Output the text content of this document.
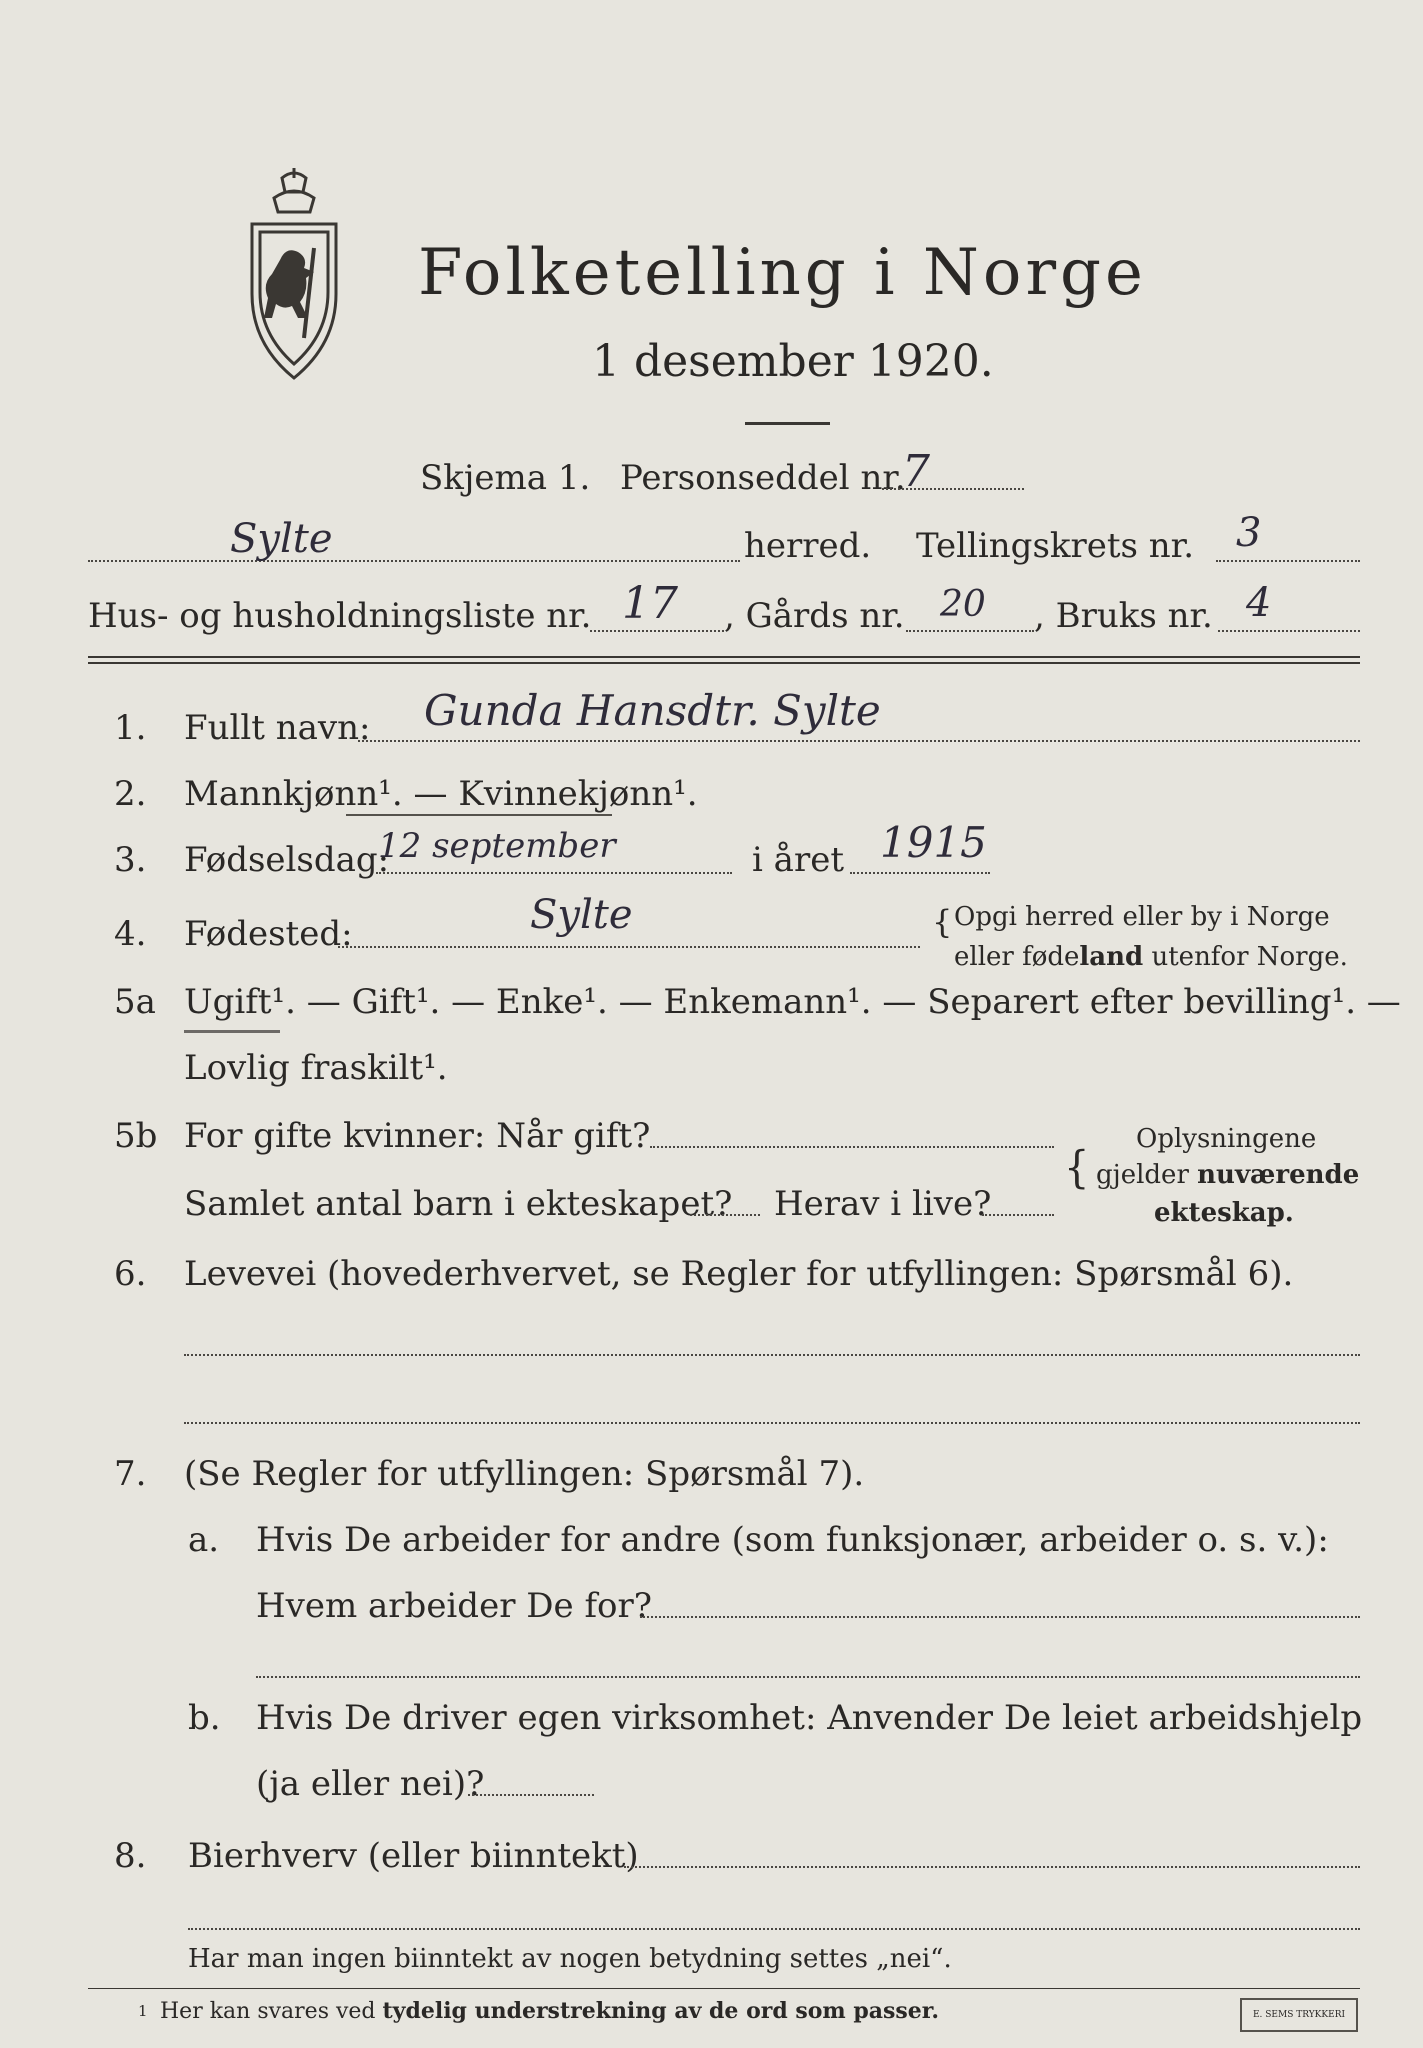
Folketelling i Norge
1 desember 1920.
Skjema 1. Personseddel nr.
7
Sylte	herred. Tellingskrets nr. 3
Hus- og husholdningsliste nr. 17 , Gårds nr. 20 , Bruks nr. 4
1. Fullt navn: Gunda Hansdtr. Sylte
2. Mannkjønn¹. — Kvinnekjønn¹.
3. Fødselsdag:
12 september	i året 1915
4. Fødested:	Sylte	{ Opgi herred eller by i Norge
eller fødeland utenfor Norge.
5a Ugift¹. — Gift¹. — Enke¹. — Enkemann¹. — Separert efter bevilling¹. —
Lovlig fraskilt¹.
5b For gifte kvinner: Når gift?
Samlet antal barn i ekteskapet? Herav i live?
{
Oplysningene
gjelder nuværende
ekteskap.
6. Levevei (hovederhvervet, se Regler for utfyllingen: Spørsmål 6).
7. (Se Regler for utfyllingen: Spørsmål 7).
a. Hvis De arbeider for andre (som funksjonær, arbeider o. s. v.):
Hvem arbeider De for?
b. Hvis De driver egen virksomhet: Anvender De leiet arbeidshjelp
(ja eller nei)?
8. Bierhverv (eller biinntekt)
Har man ingen biinntekt av nogen betydning settes „nei“.
1 Her kan svares ved tydelig understrekning av de ord som passer.	E. SEMS TRYKKERI
